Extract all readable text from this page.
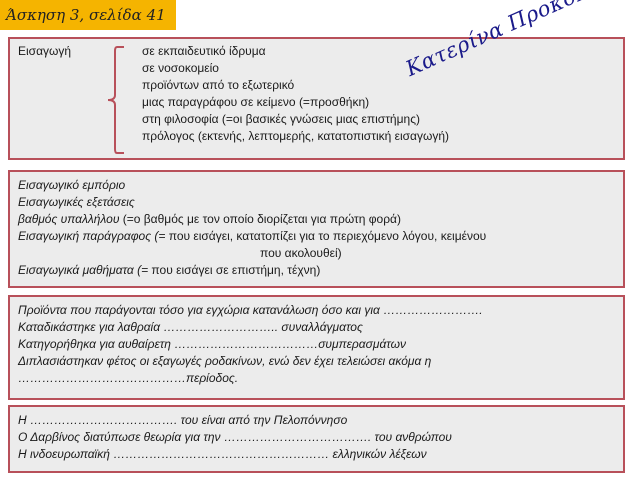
Άσκηση 3, σελίδα 41
Εισαγωγή	σε εκπαιδευτικό ίδρυμα
σε νοσοκομείο
προϊόντων από το εξωτερικό
μιας παραγράφου σε κείμενο (=προσθήκη)
στη φιλοσοφία (=οι βασικές γνώσεις μιας επιστήμης)
πρόλογος (εκτενής, λεπτομερής, κατατοπιστική εισαγωγή)
Εισαγωγικό εμπόριο
Εισαγωγικές εξετάσεις
βαθμός υπαλλήλου (=ο βαθμός με τον οποίο διορίζεται για πρώτη φορά)
Εισαγωγική παράγραφος (= που εισάγει, κατατοπίζει για το περιεχόμενο λόγου, κειμένου
που ακολουθεί)
Εισαγωγικά μαθήματα (= που εισάγει σε επιστήμη, τέχνη)
Προϊόντα που παράγονται τόσο για εγχώρια κατανάλωση όσο και για …………………….
Καταδικάστηκε για λαθραία ……………………….. συναλλάγματος
Κατηγορήθηκα για αυθαίρετη ………………………………συμπερασμάτων
Διπλασιάστηκαν φέτος οι εξαγωγές ροδακίνων, ενώ δεν έχει τελειώσει ακόμα η
……………………………………περίοδος.
Η ………………………………. του είναι από την Πελοπόννησο
Ο Δαρβίνος διατύπωσε θεωρία για την ………………………………. του ανθρώπου
Η ινδοευρωπαϊκή ……………………………………………… ελληνικών λέξεων
